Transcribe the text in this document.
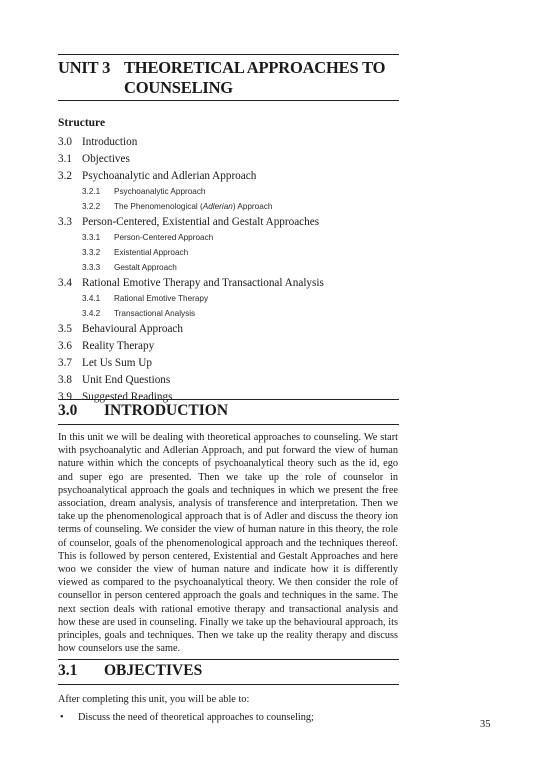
UNIT 3 THEORETICAL APPROACHES TO
COUNSELING
Structure
3.0 Introduction
3.1 Objectives
3.2 Psychoanalytic and Adlerian Approach
3.2.1 Psychoanalytic Approach
3.2.2 The Phenomenological (Adlerian) Approach
3.3 Person-Centered, Existential and Gestalt Approaches
3.3.1 Person-Centered Approach
3.3.2 Existential Approach
3.3.3 Gestalt Approach
3.4 Rational Emotive Therapy and Transactional Analysis
3.4.1 Rational Emotive Therapy
3.4.2 Transactional Analysis
3.5 Behavioural Approach
3.6 Reality Therapy
3.7 Let Us Sum Up
3.8 Unit End Questions
3.9 Suggested Readings
3.0 INTRODUCTION
In this unit we will be dealing with theoretical approaches to counseling. We start with psychoanalytic and Adlerian Approach, and put forward the view of human nature within which the concepts of psychoanalytical theory such as the id, ego and super ego are presented. Then we take up the role of counselor in psychoanalytical approach the goals and techniques in which we present the free association, dream analysis, analysis of transference and interpretation. Then we take up the phenomenological approach that is of Adler and discuss the theory ion terms of counseling. We consider the view of human nature in this theory, the role of counselor, goals of the phenomenological approach and the techniques thereof. This is followed by person centered, Existential and Gestalt Approaches and here woo we consider the view of human nature and indicate how it is differently viewed as compared to the psychoanalytical theory. We then consider the role of counsellor in person centered approach the goals and techniques in the same. The next section deals with rational emotive therapy and transactional analysis and how these are used in counseling. Finally we take up the behavioural approach, its principles, goals and techniques. Then we take up the reality therapy and discuss how counselors use the same.
3.1 OBJECTIVES
After completing this unit, you will be able to:
• Discuss the need of theoretical approaches to counseling;
35
